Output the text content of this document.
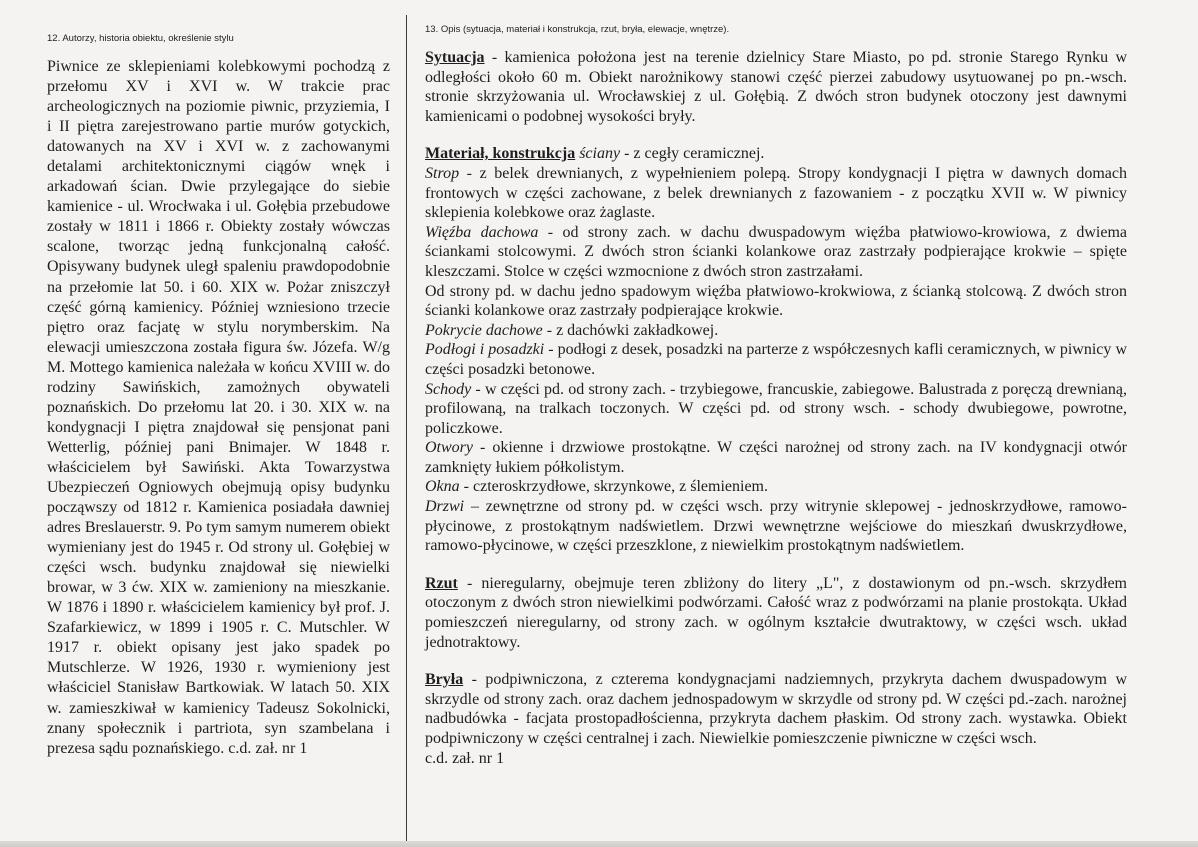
12. Autorzy, historia obiektu, określenie stylu
Piwnice ze sklepieniami kolebkowymi pochodzą z przełomu XV i XVI w. W trakcie prac archeologicznych na poziomie piwnic, przyziemia, I i II piętra zarejestrowano partie murów gotyckich, datowanych na XV i XVI w. z zachowanymi detalami architektonicznymi ciągów wnęk i arkadowań ścian. Dwie przylegające do siebie kamienice - ul. Wrocłwaka i ul. Gołębia przebudowe zostały w 1811 i 1866 r. Obiekty zostały wówczas scalone, tworząc jedną funkcjonalną całość. Opisywany budynek uległ spaleniu prawdopodobnie na przełomie lat 50. i 60. XIX w. Pożar zniszczył część górną kamienicy. Później wzniesiono trzecie piętro oraz facjatę w stylu norymberskim. Na elewacji umieszczona została figura św. Józefa. W/g M. Mottego kamienica należała w końcu XVIII w. do rodziny Sawińskich, zamożnych obywateli poznańskich. Do przełomu lat 20. i 30. XIX w. na kondygnacji I piętra znajdował się pensjonat pani Wetterlig, później pani Bnimajer. W 1848 r. właścicielem był Sawiński. Akta Towarzystwa Ubezpieczeń Ogniowych obejmują opisy budynku począwszy od 1812 r. Kamienica posiadała dawniej adres Breslauerstr. 9. Po tym samym numerem obiekt wymieniany jest do 1945 r. Od strony ul. Gołębiej w części wsch. budynku znajdował się niewielki browar, w 3 ćw. XIX w. zamieniony na mieszkanie. W 1876 i 1890 r. właścicielem kamienicy był prof. J. Szafarkiewicz, w 1899 i 1905 r. C. Mutschler. W 1917 r. obiekt opisany jest jako spadek po Mutschlerze. W 1926, 1930 r. wymieniony jest właściciel Stanisław Bartkowiak. W latach 50. XIX w. zamieszkiwał w kamienicy Tadeusz Sokolnicki, znany społecznik i partriota, syn szambelana i prezesa sądu poznańskiego. c.d. zał. nr 1
13. Opis (sytuacja, materiał i konstrukcja, rzut, bryła, elewacje, wnętrze).

Sytuacja - kamienica położona jest na terenie dzielnicy Stare Miasto, po pd. stronie Starego Rynku w odległości około 60 m. Obiekt narożnikowy stanowi część pierzei zabudowy usytuowanej po pn.-wsch. stronie skrzyżowania ul. Wrocławskiej z ul. Gołębią. Z dwóch stron budynek otoczony jest dawnymi kamienicami o podobnej wysokości bryły.

Materiał, konstrukcja ściany - z cegły ceramicznej.

Strop - z belek drewnianych, z wypełnieniem polepą. Stropy kondygnacji I piętra w dawnych domach frontowych w części zachowane, z belek drewnianych z fazowaniem - z początku XVII w. W piwnicy sklepienia kolebkowe oraz żaglaste.

Więźba dachowa - od strony zach. w dachu dwuspadowym więźba płatwiowo-krowiowa, z dwiema ściankami stolcowymi. Z dwóch stron ścianki kolankowe oraz zastrzały podpierające krokwie – spięte kleszczami. Stolce w części wzmocnione z dwóch stron zastrzałami.

Od strony pd. w dachu jedno spadowym więźba płatwiowo-krokwiowa, z ścianką stolcową. Z dwóch stron ścianki kolankowe oraz zastrzały podpierające krokwie.

Pokrycie dachowe - z dachówki zakładkowej.

Podłogi i posadzki - podłogi z desek, posadzki na parterze z współczesnych kafli ceramicznych, w piwnicy w części posadzki betonowe.

Schody - w części pd. od strony zach. - trzybiegowe, francuskie, zabiegowe. Balustrada z poręczą drewnianą, profilowaną, na tralkach toczonych. W części pd. od strony wsch. - schody dwubiegowe, powrotne, policzkowe.

Otwory - okienne i drzwiowe prostokątne. W części narożnej od strony zach. na IV kondygnacji otwór zamknięty łukiem półkolistym.

Okna - czteroskrzydłowe, skrzynkowe, z ślemieniem.

Drzwi – zewnętrzne od strony pd. w części wsch. przy witrynie sklepowej - jednoskrzydłowe, ramowo-płycinowe, z prostokątnym nadświetlem. Drzwi wewnętrzne wejściowe do mieszkań dwuskrzydłowe, ramowo-płycinowe, w części przeszklone, z niewielkim prostokątnym nadświetlem.

Rzut - nieregularny, obejmuje teren zbliżony do litery „L", z dostawionym od pn.-wsch. skrzydłem otoczonym z dwóch stron niewielkimi podwórzami. Całość wraz z podwórzami na planie prostokąta. Układ pomieszczeń nieregularny, od strony zach. w ogólnym kształcie dwutraktowy, w części wsch. układ jednotraktowy.

Bryła - podpiwniczona, z czterema kondygnacjami nadziemnych, przykryta dachem dwuspadowym w skrzydle od strony zach. oraz dachem jednospadowym w skrzydle od strony pd. W części pd.-zach. narożnej nadbudówka - facjata prostopadłościenna, przykryta dachem płaskim. Od strony zach. wystawka. Obiekt podpiwniczony w części centralnej i zach. Niewielkie pomieszczenie piwniczne w części wsch.

c.d. zał. nr 1
